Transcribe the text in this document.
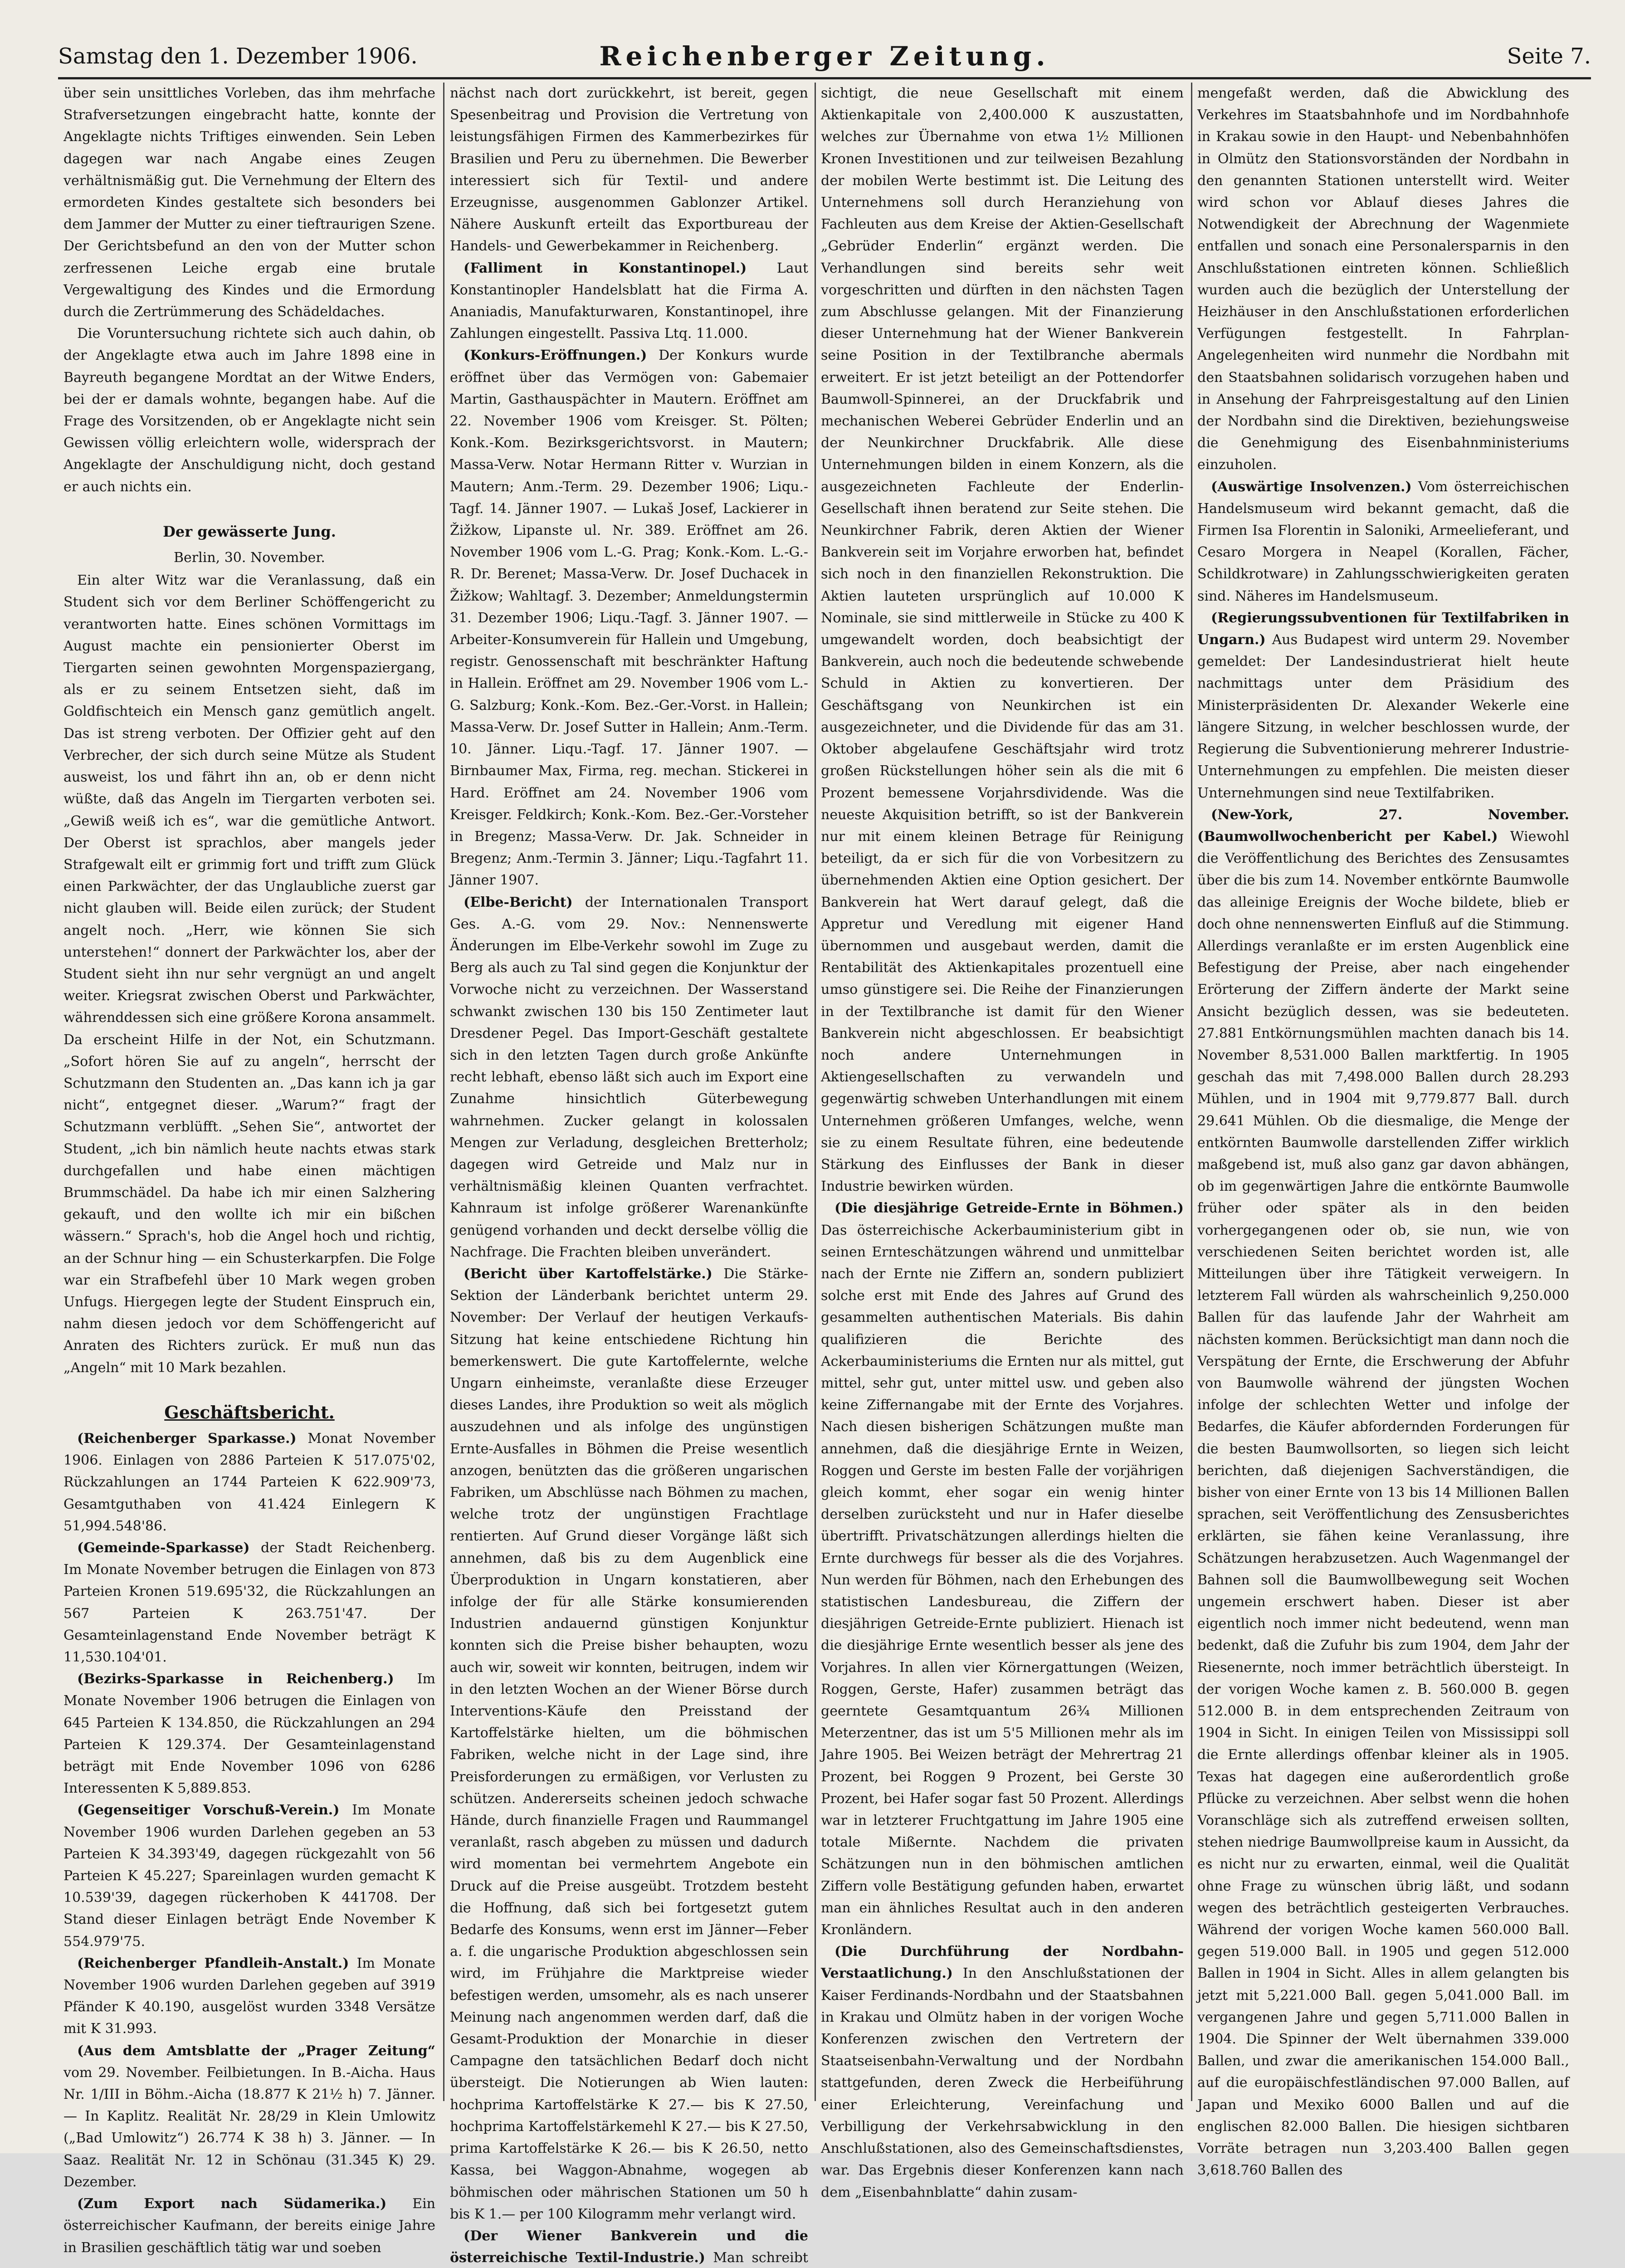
Samstag den 1. Dezember 1906.	Reichenberger Zeitung.	Seite 7.

über sein unsittliches Vorleben, das ihm mehrfache Strafversetzungen eingebracht hatte, konnte der Angeklagte nichts Triftiges einwenden. Sein Leben dagegen war nach Angabe eines Zeugen verhältnismäßig gut. Die Vernehmung der Eltern des ermordeten Kindes gestaltete sich besonders bei dem Jammer der Mutter zu einer tieftraurigen Szene. Der Gerichtsbefund an den von der Mutter schon zerfressenen Leiche ergab eine brutale Vergewaltigung des Kindes und die Ermordung durch die Zertrümmerung des Schädeldaches.

Die Voruntersuchung richtete sich auch dahin, ob der Angeklagte etwa auch im Jahre 1898 eine in Bayreuth begangene Mordtat an der Witwe Enders, bei der er damals wohnte, begangen habe. Auf die Frage des Vorsitzenden, ob er Angeklagte nicht sein Gewissen völlig erleichtern wolle, widersprach der Angeklagte der Anschuldigung nicht, doch gestand er auch nichts ein.

Der gewässerte Jung.
Berlin, 30. November.

Ein alter Witz war die Veranlassung, daß ein Student sich vor dem Berliner Schöffengericht zu verantworten hatte. Eines schönen Vormittags im August machte ein pensionierter Oberst im Tiergarten seinen gewohnten Morgenspaziergang, als er zu seinem Entsetzen sieht, daß im Goldfischteich ein Mensch ganz gemütlich angelt. Das ist streng verboten. Der Offizier geht auf den Verbrecher, der sich durch seine Mütze als Student ausweist, los und fährt ihn an, ob er denn nicht wüßte, daß das Angeln im Tiergarten verboten sei. „Gewiß weiß ich es“, war die gemütliche Antwort. Der Oberst ist sprachlos, aber mangels jeder Strafgewalt eilt er grimmig fort und trifft zum Glück einen Parkwächter, der das Unglaubliche zuerst gar nicht glauben will. Beide eilen zurück; der Student angelt noch. „Herr, wie können Sie sich unterstehen!“ donnert der Parkwächter los, aber der Student sieht ihn nur sehr vergnügt an und angelt weiter. Kriegsrat zwischen Oberst und Parkwächter, währenddessen sich eine größere Korona ansammelt. Da erscheint Hilfe in der Not, ein Schutzmann. „Sofort hören Sie auf zu angeln“, herrscht der Schutzmann den Studenten an. „Das kann ich ja gar nicht“, entgegnet dieser. „Warum?“ fragt der Schutzmann verblüfft. „Sehen Sie“, antwortet der Student, „ich bin nämlich heute nachts etwas stark durchgefallen und habe einen mächtigen Brummschädel. Da habe ich mir einen Salzhering gekauft, und den wollte ich mir ein bißchen wässern.“ Sprach's, hob die Angel hoch und richtig, an der Schnur hing — ein Schusterkarpfen. Die Folge war ein Strafbefehl über 10 Mark wegen groben Unfugs. Hiergegen legte der Student Einspruch ein, nahm diesen jedoch vor dem Schöffengericht auf Anraten des Richters zurück. Er muß nun das „Angeln“ mit 10 Mark bezahlen.

Geschäftsbericht.

(Reichenberger Sparkasse.) Monat November 1906. Einlagen von 2886 Parteien K 517.075'02, Rückzahlungen an 1744 Parteien K 622.909'73, Gesamtguthaben von 41.424 Einlegern K 51,994.548'86.

(Gemeinde-Sparkasse) der Stadt Reichenberg. Im Monate November betrugen die Einlagen von 873 Parteien Kronen 519.695'32, die Rückzahlungen an 567 Parteien K 263.751'47. Der Gesamteinlagenstand Ende November beträgt K 11,530.104'01.

(Bezirks-Sparkasse in Reichenberg.) Im Monate November 1906 betrugen die Einlagen von 645 Parteien K 134.850, die Rückzahlungen an 294 Parteien K 129.374. Der Gesamteinlagenstand beträgt mit Ende November 1096 von 6286 Interessenten K 5,889.853.

(Gegenseitiger Vorschuß-Verein.) Im Monate November 1906 wurden Darlehen gegeben an 53 Parteien K 34.393'49, dagegen rückgezahlt von 56 Parteien K 45.227; Spareinlagen wurden gemacht K 10.539'39, dagegen rückerhoben K 441708. Der Stand dieser Einlagen beträgt Ende November K 554.979'75.

(Reichenberger Pfandleih-Anstalt.) Im Monate November 1906 wurden Darlehen gegeben auf 3919 Pfänder K 40.190, ausgelöst wurden 3348 Versätze mit K 31.993.

(Aus dem Amtsblatte der „Prager Zeitung“ vom 29. November. Feilbietungen. In B.-Aicha. Haus Nr. 1/III in Böhm.-Aicha (18.877 K 21½ h) 7. Jänner. — In Kaplitz. Realität Nr. 28/29 in Klein Umlowitz („Bad Umlowitz“) 26.774 K 38 h) 3. Jänner. — In Saaz. Realität Nr. 12 in Schönau (31.345 K) 29. Dezember.

(Zum Export nach Südamerika.) Ein österreichischer Kaufmann, der bereits einige Jahre in Brasilien geschäftlich tätig war und soeben

nächst nach dort zurückkehrt, ist bereit, gegen Spesenbeitrag und Provision die Vertretung von leistungsfähigen Firmen des Kammerbezirkes für Brasilien und Peru zu übernehmen. Die Bewerber interessiert sich für Textil- und andere Erzeugnisse, ausgenommen Gablonzer Artikel. Nähere Auskunft erteilt das Exportbureau der Handels- und Gewerbekammer in Reichenberg.

(Falliment in Konstantinopel.) Laut Konstantinopler Handelsblatt hat die Firma A. Ananiadis, Manufakturwaren, Konstantinopel, ihre Zahlungen eingestellt. Passiva Ltq. 11.000.

(Konkurs-Eröffnungen.) Der Konkurs wurde eröffnet über das Vermögen von: Gabemaier Martin, Gasthauspächter in Mautern. Eröffnet am 22. November 1906 vom Kreisger. St. Pölten; Konk.-Kom. Bezirksgerichtsvorst. in Mautern; Massa-Verw. Notar Hermann Ritter v. Wurzian in Mautern; Anm.-Term. 29. Dezember 1906; Liqu.-Tagf. 14. Jänner 1907. — Lukaš Josef, Lackierer in Žižkow, Lipanste ul. Nr. 389. Eröffnet am 26. November 1906 vom L.-G. Prag; Konk.-Kom. L.-G.-R. Dr. Berenet; Massa-Verw. Dr. Josef Duchacek in Žižkow; Wahltagf. 3. Dezember; Anmeldungstermin 31. Dezember 1906; Liqu.-Tagf. 3. Jänner 1907. — Arbeiter-Konsumverein für Hallein und Umgebung, registr. Genossenschaft mit beschränkter Haftung in Hallein. Eröffnet am 29. November 1906 vom L.-G. Salzburg; Konk.-Kom. Bez.-Ger.-Vorst. in Hallein; Massa-Verw. Dr. Josef Sutter in Hallein; Anm.-Term. 10. Jänner. Liqu.-Tagf. 17. Jänner 1907. — Birnbaumer Max, Firma, reg. mechan. Stickerei in Hard. Eröffnet am 24. November 1906 vom Kreisger. Feldkirch; Konk.-Kom. Bez.-Ger.-Vorsteher in Bregenz; Massa-Verw. Dr. Jak. Schneider in Bregenz; Anm.-Termin 3. Jänner; Liqu.-Tagfahrt 11. Jänner 1907.

(Elbe-Bericht) der Internationalen Transport Ges. A.-G. vom 29. Nov.: Nennenswerte Änderungen im Elbe-Verkehr sowohl im Zuge zu Berg als auch zu Tal sind gegen die Konjunktur der Vorwoche nicht zu verzeichnen. Der Wasserstand schwankt zwischen 130 bis 150 Zentimeter laut Dresdener Pegel. Das Import-Geschäft gestaltete sich in den letzten Tagen durch große Ankünfte recht lebhaft, ebenso läßt sich auch im Export eine Zunahme hinsichtlich Güterbewegung wahrnehmen. Zucker gelangt in kolossalen Mengen zur Verladung, desgleichen Bretterholz; dagegen wird Getreide und Malz nur in verhältnismäßig kleinen Quanten verfrachtet. Kahnraum ist infolge größerer Warenankünfte genügend vorhanden und deckt derselbe völlig die Nachfrage. Die Frachten bleiben unverändert.

(Bericht über Kartoffelstärke.) Die Stärke-Sektion der Länderbank berichtet unterm 29. November: Der Verlauf der heutigen Verkaufs-Sitzung hat keine entschiedene Richtung hin bemerkenswert. Die gute Kartoffelernte, welche Ungarn einheimste, veranlaßte diese Erzeuger dieses Landes, ihre Produktion so weit als möglich auszudehnen und als infolge des ungünstigen Ernte-Ausfalles in Böhmen die Preise wesentlich anzogen, benützten das die größeren ungarischen Fabriken, um Abschlüsse nach Böhmen zu machen, welche trotz der ungünstigen Frachtlage rentierten. Auf Grund dieser Vorgänge läßt sich annehmen, daß bis zu dem Augenblick eine Überproduktion in Ungarn konstatieren, aber infolge der für alle Stärke konsumierenden Industrien andauernd günstigen Konjunktur konnten sich die Preise bisher behaupten, wozu auch wir, soweit wir konnten, beitrugen, indem wir in den letzten Wochen an der Wiener Börse durch Interventions-Käufe den Preisstand der Kartoffelstärke hielten, um die böhmischen Fabriken, welche nicht in der Lage sind, ihre Preisforderungen zu ermäßigen, vor Verlusten zu schützen. Andererseits scheinen jedoch schwache Hände, durch finanzielle Fragen und Raummangel veranlaßt, rasch abgeben zu müssen und dadurch wird momentan bei vermehrtem Angebote ein Druck auf die Preise ausgeübt. Trotzdem besteht die Hoffnung, daß sich bei fortgesetzt gutem Bedarfe des Konsums, wenn erst im Jänner—Feber a. f. die ungarische Produktion abgeschlossen sein wird, im Frühjahre die Marktpreise wieder befestigen werden, umsomehr, als es nach unserer Meinung nach angenommen werden darf, daß die Gesamt-Produktion der Monarchie in dieser Campagne den tatsächlichen Bedarf doch nicht übersteigt. Die Notierungen ab Wien lauten: hochprima Kartoffelstärke K 27.— bis K 27.50, hochprima Kartoffelstärkemehl K 27.— bis K 27.50, prima Kartoffelstärke K 26.— bis K 26.50, netto Kassa, bei Waggon-Abnahme, wogegen ab böhmischen oder mährischen Stationen um 50 h bis K 1.— per 100 Kilogramm mehr verlangt wird.

(Der Wiener Bankverein und die österreichische Textil-Industrie.) Man schreibt

sichtigt, die neue Gesellschaft mit einem Aktienkapitale von 2,400.000 K auszustatten, welches zur Übernahme von etwa 1½ Millionen Kronen Investitionen und zur teilweisen Bezahlung der mobilen Werte bestimmt ist. Die Leitung des Unternehmens soll durch Heranziehung von Fachleuten aus dem Kreise der Aktien-Gesellschaft „Gebrüder Enderlin“ ergänzt werden. Die Verhandlungen sind bereits sehr weit vorgeschritten und dürften in den nächsten Tagen zum Abschlusse gelangen. Mit der Finanzierung dieser Unternehmung hat der Wiener Bankverein seine Position in der Textilbranche abermals erweitert. Er ist jetzt beteiligt an der Pottendorfer Baumwoll-Spinnerei, an der Druckfabrik und mechanischen Weberei Gebrüder Enderlin und an der Neunkirchner Druckfabrik. Alle diese Unternehmungen bilden in einem Konzern, als die ausgezeichneten Fachleute der Enderlin-Gesellschaft ihnen beratend zur Seite stehen. Die Neunkirchner Fabrik, deren Aktien der Wiener Bankverein seit im Vorjahre erworben hat, befindet sich noch in den finanziellen Rekonstruktion. Die Aktien lauteten ursprünglich auf 10.000 K Nominale, sie sind mittlerweile in Stücke zu 400 K umgewandelt worden, doch beabsichtigt der Bankverein, auch noch die bedeutende schwebende Schuld in Aktien zu konvertieren. Der Geschäftsgang von Neunkirchen ist ein ausgezeichneter, und die Dividende für das am 31. Oktober abgelaufene Geschäftsjahr wird trotz großen Rückstellungen höher sein als die mit 6 Prozent bemessene Vorjahrsdividende. Was die neueste Akquisition betrifft, so ist der Bankverein nur mit einem kleinen Betrage für Reinigung beteiligt, da er sich für die von Vorbesitzern zu übernehmenden Aktien eine Option gesichert. Der Bankverein hat Wert darauf gelegt, daß die Appretur und Veredlung mit eigener Hand übernommen und ausgebaut werden, damit die Rentabilität des Aktienkapitales prozentuell eine umso günstigere sei. Die Reihe der Finanzierungen in der Textilbranche ist damit für den Wiener Bankverein nicht abgeschlossen. Er beabsichtigt noch andere Unternehmungen in Aktiengesellschaften zu verwandeln und gegenwärtig schweben Unterhandlungen mit einem Unternehmen größeren Umfanges, welche, wenn sie zu einem Resultate führen, eine bedeutende Stärkung des Einflusses der Bank in dieser Industrie bewirken würden.

(Die diesjährige Getreide-Ernte in Böhmen.) Das österreichische Ackerbauministerium gibt in seinen Ernteschätzungen während und unmittelbar nach der Ernte nie Ziffern an, sondern publiziert solche erst mit Ende des Jahres auf Grund des gesammelten authentischen Materials. Bis dahin qualifizieren die Berichte des Ackerbauministeriums die Ernten nur als mittel, gut mittel, sehr gut, unter mittel usw. und geben also keine Ziffernangabe mit der Ernte des Vorjahres. Nach diesen bisherigen Schätzungen mußte man annehmen, daß die diesjährige Ernte in Weizen, Roggen und Gerste im besten Falle der vorjährigen gleich kommt, eher sogar ein wenig hinter derselben zurücksteht und nur in Hafer dieselbe übertrifft. Privatschätzungen allerdings hielten die Ernte durchwegs für besser als die des Vorjahres. Nun werden für Böhmen, nach den Erhebungen des statistischen Landesbureau, die Ziffern der diesjährigen Getreide-Ernte publiziert. Hienach ist die diesjährige Ernte wesentlich besser als jene des Vorjahres. In allen vier Körnergattungen (Weizen, Roggen, Gerste, Hafer) zusammen beträgt das geerntete Gesamtquantum 26¾ Millionen Meterzentner, das ist um 5'5 Millionen mehr als im Jahre 1905. Bei Weizen beträgt der Mehrertrag 21 Prozent, bei Roggen 9 Prozent, bei Gerste 30 Prozent, bei Hafer sogar fast 50 Prozent. Allerdings war in letzterer Fruchtgattung im Jahre 1905 eine totale Mißernte. Nachdem die privaten Schätzungen nun in den böhmischen amtlichen Ziffern volle Bestätigung gefunden haben, erwartet man ein ähnliches Resultat auch in den anderen Kronländern.

(Die Durchführung der Nordbahn-Verstaatlichung.) In den Anschlußstationen der Kaiser Ferdinands-Nordbahn und der Staatsbahnen in Krakau und Olmütz haben in der vorigen Woche Konferenzen zwischen den Vertretern der Staatseisenbahn-Verwaltung und der Nordbahn stattgefunden, deren Zweck die Herbeiführung einer Erleichterung, Vereinfachung und Verbilligung der Verkehrsabwicklung in den Anschlußstationen, also des Gemeinschaftsdienstes, war. Das Ergebnis dieser Konferenzen kann nach dem „Eisenbahnblatte“ dahin zusam-

mengefaßt werden, daß die Abwicklung des Verkehres im Staatsbahnhofe und im Nordbahnhofe in Krakau sowie in den Haupt- und Nebenbahnhöfen in Olmütz den Stationsvorständen der Nordbahn in den genannten Stationen unterstellt wird. Weiter wird schon vor Ablauf dieses Jahres die Notwendigkeit der Abrechnung der Wagenmiete entfallen und sonach eine Personalersparnis in den Anschlußstationen eintreten können. Schließlich wurden auch die bezüglich der Unterstellung der Heizhäuser in den Anschlußstationen erforderlichen Verfügungen festgestellt. In Fahrplan-Angelegenheiten wird nunmehr die Nordbahn mit den Staatsbahnen solidarisch vorzugehen haben und in Ansehung der Fahrpreisgestaltung auf den Linien der Nordbahn sind die Direktiven, beziehungsweise die Genehmigung des Eisenbahnministeriums einzuholen.

(Auswärtige Insolvenzen.) Vom österreichischen Handelsmuseum wird bekannt gemacht, daß die Firmen Isa Florentin in Saloniki, Armeelieferant, und Cesaro Morgera in Neapel (Korallen, Fächer, Schildkrotware) in Zahlungsschwierigkeiten geraten sind. Näheres im Handelsmuseum.

(Regierungssubventionen für Textilfabriken in Ungarn.) Aus Budapest wird unterm 29. November gemeldet: Der Landesindustrierat hielt heute nachmittags unter dem Präsidium des Ministerpräsidenten Dr. Alexander Wekerle eine längere Sitzung, in welcher beschlossen wurde, der Regierung die Subventionierung mehrerer Industrie-Unternehmungen zu empfehlen. Die meisten dieser Unternehmungen sind neue Textilfabriken.

(New-York, 27. November. (Baumwollwochenbericht per Kabel.) Wiewohl die Veröffentlichung des Berichtes des Zensusamtes über die bis zum 14. November entkörnte Baumwolle das alleinige Ereignis der Woche bildete, blieb er doch ohne nennenswerten Einfluß auf die Stimmung. Allerdings veranlaßte er im ersten Augenblick eine Befestigung der Preise, aber nach eingehender Erörterung der Ziffern änderte der Markt seine Ansicht bezüglich dessen, was sie bedeuteten. 27.881 Entkörnungsmühlen machten danach bis 14. November 8,531.000 Ballen marktfertig. In 1905 geschah das mit 7,498.000 Ballen durch 28.293 Mühlen, und in 1904 mit 9,779.877 Ball. durch 29.641 Mühlen. Ob die diesmalige, die Menge der entkörnten Baumwolle darstellenden Ziffer wirklich maßgebend ist, muß also ganz gar davon abhängen, ob im gegenwärtigen Jahre die entkörnte Baumwolle früher oder später als in den beiden vorhergegangenen oder ob, sie nun, wie von verschiedenen Seiten berichtet worden ist, alle Mitteilungen über ihre Tätigkeit verweigern. In letzterem Fall würden als wahrscheinlich 9,250.000 Ballen für das laufende Jahr der Wahrheit am nächsten kommen. Berücksichtigt man dann noch die Verspätung der Ernte, die Erschwerung der Abfuhr von Baumwolle während der jüngsten Wochen infolge der schlechten Wetter und infolge der Bedarfes, die Käufer abfordernden Forderungen für die besten Baumwollsorten, so liegen sich leicht berichten, daß diejenigen Sachverständigen, die bisher von einer Ernte von 13 bis 14 Millionen Ballen sprachen, seit Veröffentlichung des Zensusberichtes erklärten, sie fähen keine Veranlassung, ihre Schätzungen herabzusetzen. Auch Wagenmangel der Bahnen soll die Baumwollbewegung seit Wochen ungemein erschwert haben. Dieser ist aber eigentlich noch immer nicht bedeutend, wenn man bedenkt, daß die Zufuhr bis zum 1904, dem Jahr der Riesenernte, noch immer beträchtlich übersteigt. In der vorigen Woche kamen z. B. 560.000 B. gegen 512.000 B. in dem entsprechenden Zeitraum von 1904 in Sicht. In einigen Teilen von Mississippi soll die Ernte allerdings offenbar kleiner als in 1905. Texas hat dagegen eine außerordentlich große Pflücke zu verzeichnen. Aber selbst wenn die hohen Voranschläge sich als zutreffend erweisen sollten, stehen niedrige Baumwollpreise kaum in Aussicht, da es nicht nur zu erwarten, einmal, weil die Qualität ohne Frage zu wünschen übrig läßt, und sodann wegen des beträchtlich gesteigerten Verbrauches. Während der vorigen Woche kamen 560.000 Ball. gegen 519.000 Ball. in 1905 und gegen 512.000 Ballen in 1904 in Sicht. Alles in allem gelangten bis jetzt mit 5,221.000 Ball. gegen 5,041.000 Ball. im vergangenen Jahre und gegen 5,711.000 Ballen in 1904. Die Spinner der Welt übernahmen 339.000 Ballen, und zwar die amerikanischen 154.000 Ball., auf die europäischfestländischen 97.000 Ballen, auf Japan und Mexiko 6000 Ballen und auf die englischen 82.000 Ballen. Die hiesigen sichtbaren Vorräte betragen nun 3,203.400 Ballen gegen 3,618.760 Ballen des
